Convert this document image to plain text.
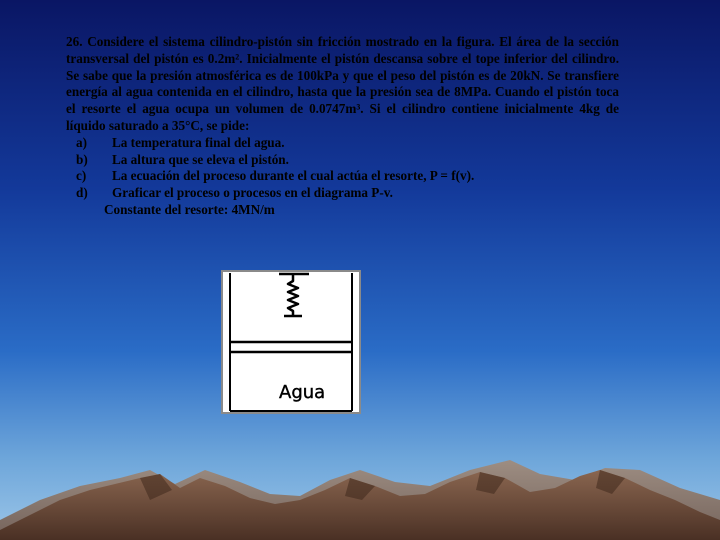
26. Considere el sistema cilindro-pistón sin fricción mostrado en la figura. El área de la sección transversal del pistón es 0.2m². Inicialmente el pistón descansa sobre el tope inferior del cilindro. Se sabe que la presión atmosférica es de 100kPa y que el peso del pistón es de 20kN. Se transfiere energía al agua contenida en el cilindro, hasta que la presión sea de 8MPa. Cuando el pistón toca el resorte el agua ocupa un volumen de 0.0747m³. Si el cilindro contiene inicialmente 4kg de líquido saturado a 35°C, se pide:

a)	La temperatura final del agua.
b)	La altura que se eleva el pistón.
c)	La ecuación del proceso durante el cual actúa el resorte, P = f(v).
d)	Graficar el proceso o procesos en el diagrama P-v.

Constante del resorte: 4MN/m

Agua
